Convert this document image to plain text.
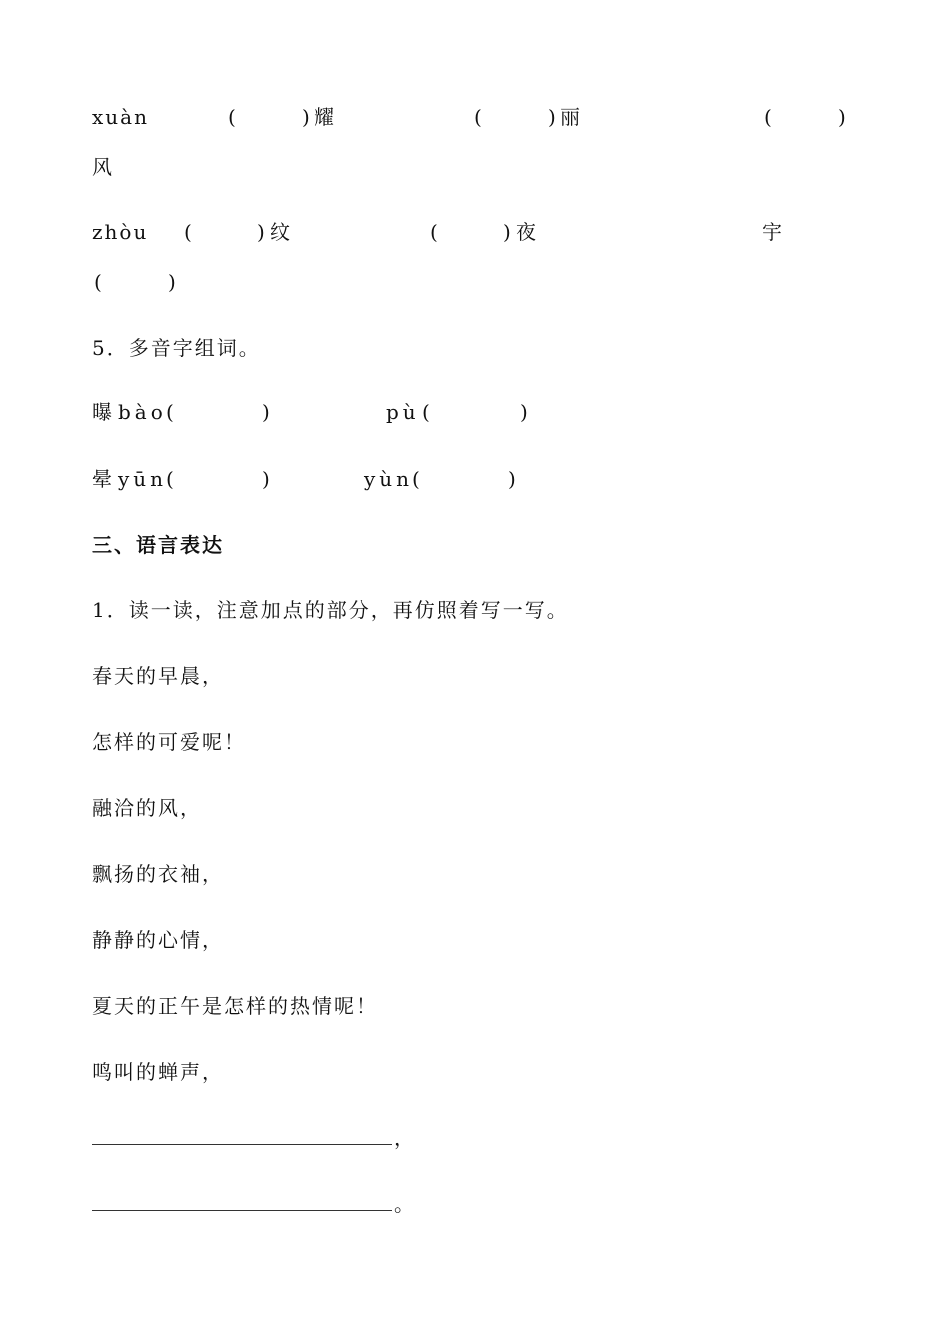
xuàn	(	) 耀	(	) 丽	(	)
风
zhòu (	) 纹	(	) 夜	宇
(	)
5．多音字组词。
曝 bào (	)	pù (	)
晕 yūn
(	)	yùn
(	)
三、语言表达
1．读一读，注意加点的部分，再仿照着写一写。
春天的早晨，
怎样的可爱呢！
融洽的风，
飘扬的衣袖，
静静的心情，
夏天的正午是怎样的热情呢！
鸣叫的蝉声，
，
。
